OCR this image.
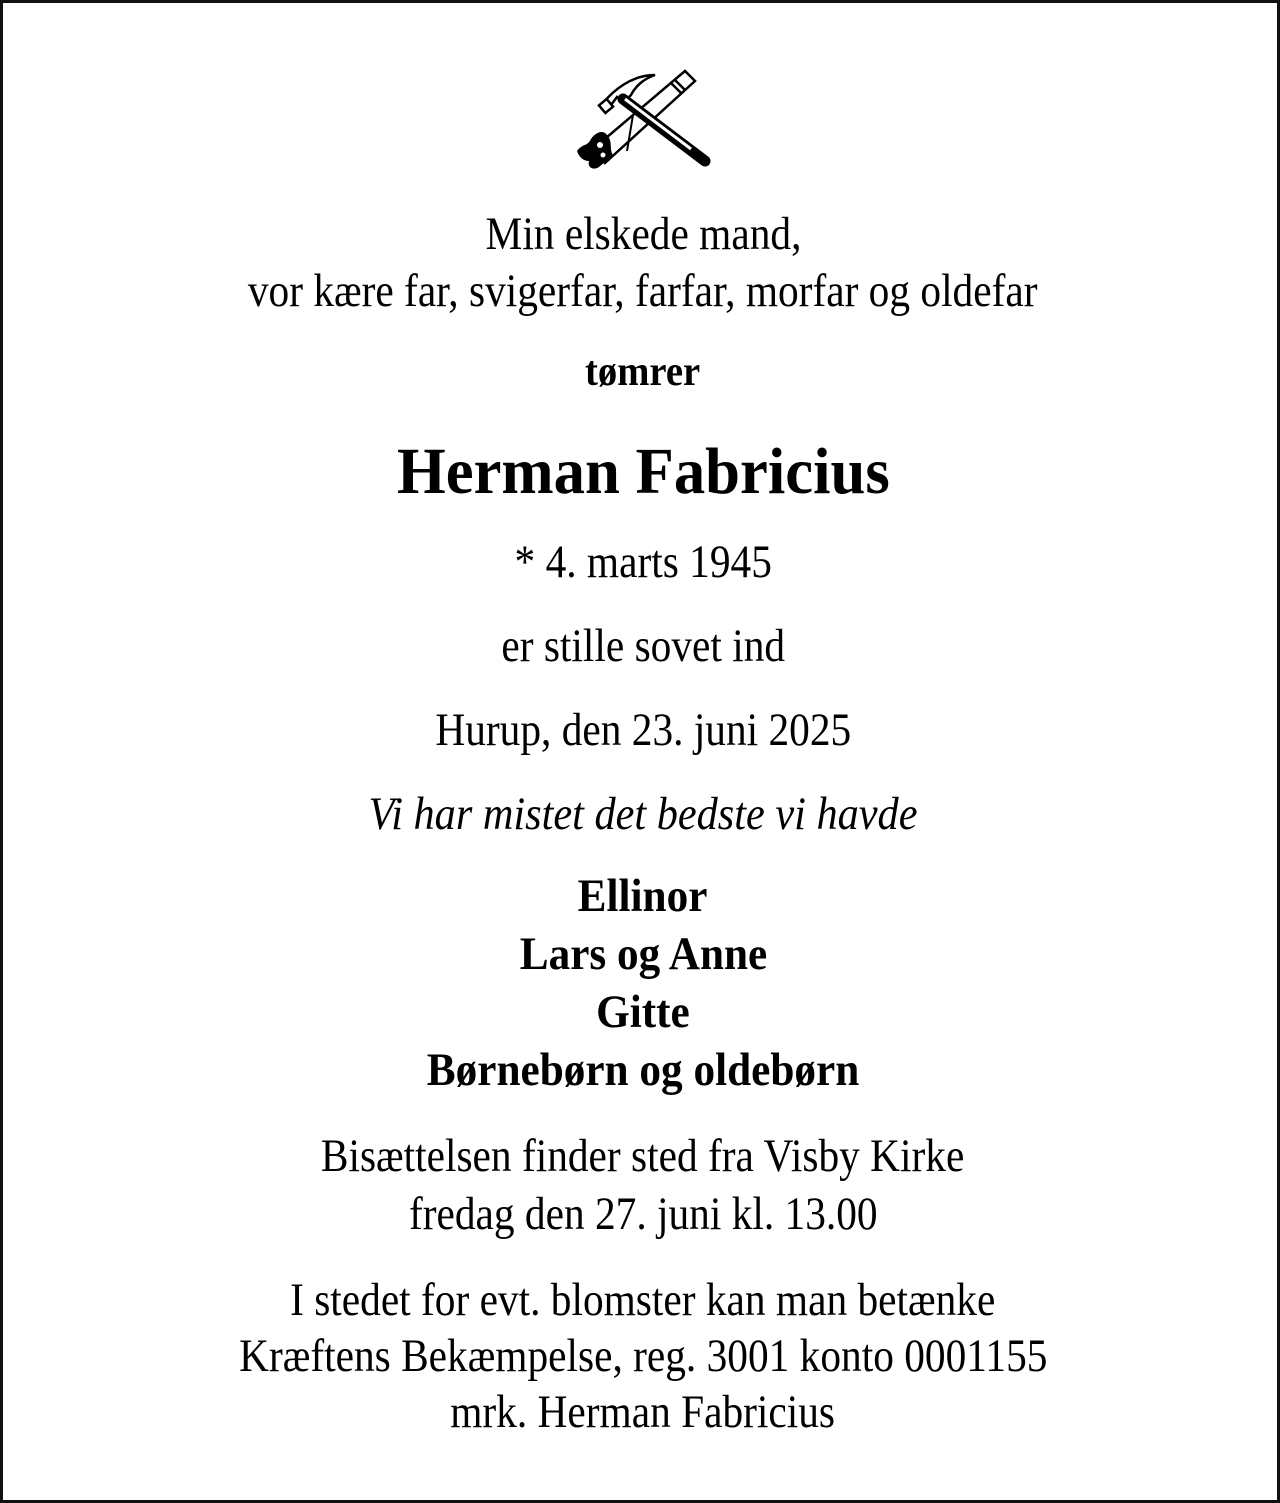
Min elskede mand,
vor kære far, svigerfar, farfar, morfar og oldefar
tømrer
Herman Fabricius
* 4. marts 1945
er stille sovet ind
Hurup, den 23. juni 2025
Vi har mistet det bedste vi havde
Ellinor
Lars og Anne
Gitte
Børnebørn og oldebørn
Bisættelsen finder sted fra Visby Kirke
fredag den 27. juni kl. 13.00
I stedet for evt. blomster kan man betænke
Kræftens Bekæmpelse, reg. 3001 konto 0001155
mrk. Herman Fabricius
